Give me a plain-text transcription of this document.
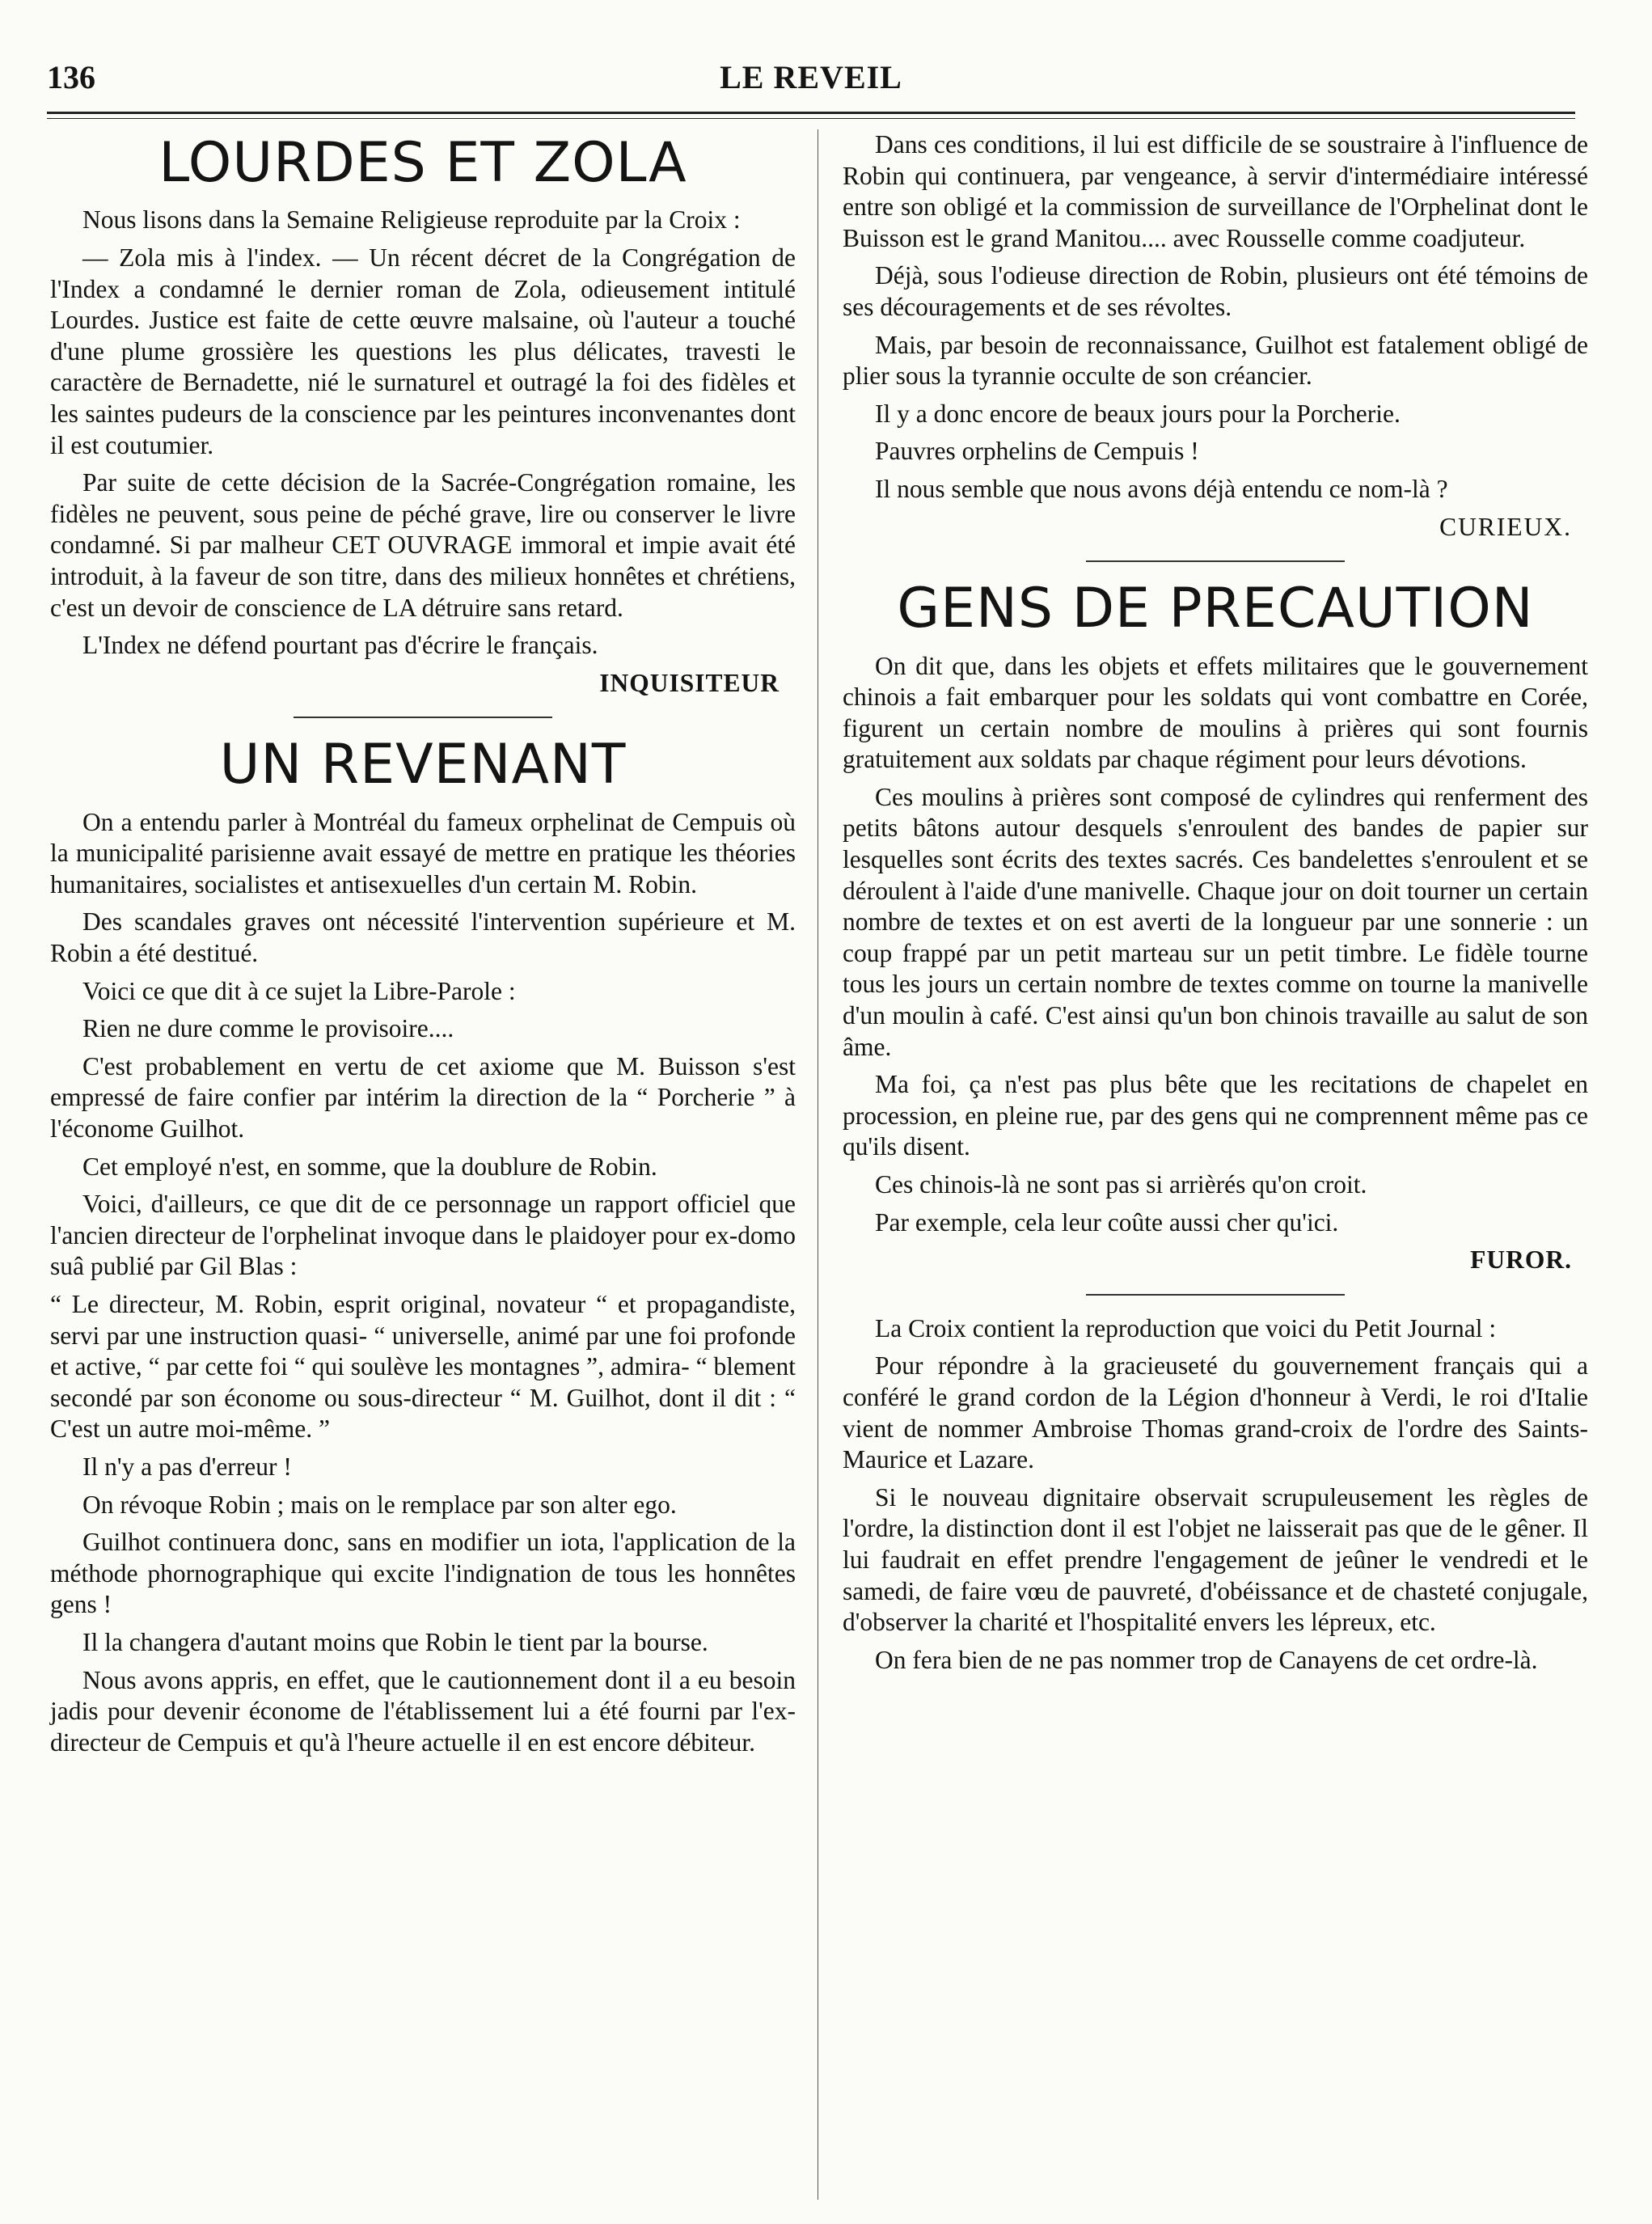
136	LE REVEIL
LOURDES ET ZOLA

Nous lisons dans la Semaine Religieuse reproduite par la Croix :

— Zola mis à l'index. — Un récent décret de la Congrégation de l'Index a condamné le dernier roman de Zola, odieusement intitulé Lourdes. Justice est faite de cette œuvre malsaine, où l'auteur a touché d'une plume grossière les questions les plus délicates, travesti le caractère de Bernadette, nié le surnaturel et outragé la foi des fidèles et les saintes pudeurs de la conscience par les peintures inconvenantes dont il est coutumier.

Par suite de cette décision de la Sacrée-Congrégation romaine, les fidèles ne peuvent, sous peine de péché grave, lire ou conserver le livre condamné. Si par malheur CET OUVRAGE immoral et impie avait été introduit, à la faveur de son titre, dans des milieux honnêtes et chrétiens, c'est un devoir de conscience de LA détruire sans retard.

L'Index ne défend pourtant pas d'écrire le français.

INQUISITEUR
UN REVENANT

On a entendu parler à Montréal du fameux orphelinat de Cempuis où la municipalité parisienne avait essayé de mettre en pratique les théories humanitaires, socialistes et antisexuelles d'un certain M. Robin.

Des scandales graves ont nécessité l'intervention supérieure et M. Robin a été destitué.

Voici ce que dit à ce sujet la Libre-Parole :

Rien ne dure comme le provisoire....

C'est probablement en vertu de cet axiome que M. Buisson s'est empressé de faire confier par intérim la direction de la “ Porcherie ” à l'économe Guilhot.

Cet employé n'est, en somme, que la doublure de Robin.

Voici, d'ailleurs, ce que dit de ce personnage un rapport officiel que l'ancien directeur de l'orphelinat invoque dans le plaidoyer pour ex-domo suâ publié par Gil Blas :

“ Le directeur, M. Robin, esprit original, novateur “ et propagandiste, servi par une instruction quasi- “ universelle, animé par une foi profonde et active, “ par cette foi “ qui soulève les montagnes ”, admira- “ blement secondé par son économe ou sous-directeur “ M. Guilhot, dont il dit : “ C'est un autre moi-même. ”

Il n'y a pas d'erreur !

On révoque Robin ; mais on le remplace par son alter ego.

Guilhot continuera donc, sans en modifier un iota, l'application de la méthode phornographique qui excite l'indignation de tous les honnêtes gens !

Il la changera d'autant moins que Robin le tient par la bourse.

Nous avons appris, en effet, que le cautionnement dont il a eu besoin jadis pour devenir économe de l'établissement lui a été fourni par l'ex-directeur de Cempuis et qu'à l'heure actuelle il en est encore débiteur.

Dans ces conditions, il lui est difficile de se soustraire à l'influence de Robin qui continuera, par vengeance, à servir d'intermédiaire intéressé entre son obligé et la commission de surveillance de l'Orphelinat dont le Buisson est le grand Manitou.... avec Rousselle comme coadjuteur.

Déjà, sous l'odieuse direction de Robin, plusieurs ont été témoins de ses découragements et de ses révoltes.

Mais, par besoin de reconnaissance, Guilhot est fatalement obligé de plier sous la tyrannie occulte de son créancier.

Il y a donc encore de beaux jours pour la Porcherie.

Pauvres orphelins de Cempuis !

Il nous semble que nous avons déjà entendu ce nom-là ?

CURIEUX.
GENS DE PRECAUTION

On dit que, dans les objets et effets militaires que le gouvernement chinois a fait embarquer pour les soldats qui vont combattre en Corée, figurent un certain nombre de moulins à prières qui sont fournis gratuitement aux soldats par chaque régiment pour leurs dévotions.

Ces moulins à prières sont composé de cylindres qui renferment des petits bâtons autour desquels s'enroulent des bandes de papier sur lesquelles sont écrits des textes sacrés. Ces bandelettes s'enroulent et se déroulent à l'aide d'une manivelle. Chaque jour on doit tourner un certain nombre de textes et on est averti de la longueur par une sonnerie : un coup frappé par un petit marteau sur un petit timbre. Le fidèle tourne tous les jours un certain nombre de textes comme on tourne la manivelle d'un moulin à café. C'est ainsi qu'un bon chinois travaille au salut de son âme.

Ma foi, ça n'est pas plus bête que les recitations de chapelet en procession, en pleine rue, par des gens qui ne comprennent même pas ce qu'ils disent.

Ces chinois-là ne sont pas si arrièrés qu'on croit.

Par exemple, cela leur coûte aussi cher qu'ici.

FUROR.

La Croix contient la reproduction que voici du Petit Journal :

Pour répondre à la gracieuseté du gouvernement français qui a conféré le grand cordon de la Légion d'honneur à Verdi, le roi d'Italie vient de nommer Ambroise Thomas grand-croix de l'ordre des Saints-Maurice et Lazare.

Si le nouveau dignitaire observait scrupuleusement les règles de l'ordre, la distinction dont il est l'objet ne laisserait pas que de le gêner. Il lui faudrait en effet prendre l'engagement de jeûner le vendredi et le samedi, de faire vœu de pauvreté, d'obéissance et de chasteté conjugale, d'observer la charité et l'hospitalité envers les lépreux, etc.

On fera bien de ne pas nommer trop de Canayens de cet ordre-là.
